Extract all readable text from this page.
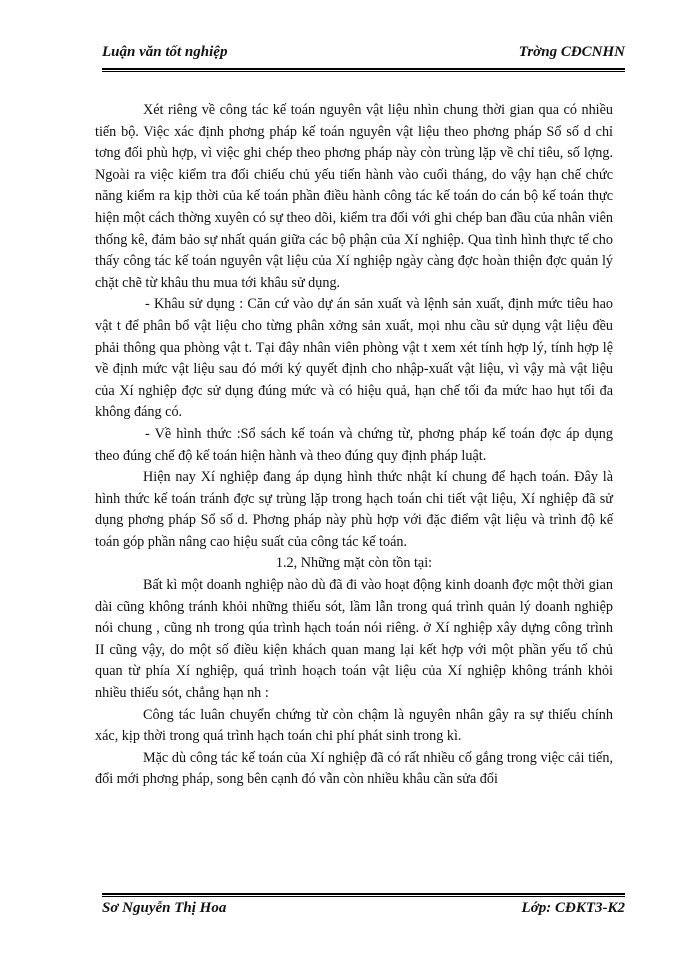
Luận văn tốt nghiệp	Trờng CĐCNHN

Xét riêng về công tác kế toán nguyên vật liệu nhìn chung thời gian qua có nhiều tiến bộ. Việc xác định phơng pháp kế toán nguyên vật liệu theo phơng pháp Sổ số d chỉ tơng đối phù hợp, vì việc ghi chép theo phơng pháp này còn trùng lặp về chỉ tiêu, số lợng. Ngoài ra việc kiểm tra đối chiếu chủ yếu tiến hành vào cuối tháng, do vậy hạn chế chức năng kiểm ra kịp thời của kế toán phần điều hành công tác kế toán do cán bộ kế toán thực hiện một cách thờng xuyên có sự theo dõi, kiểm tra đối với ghi chép ban đầu của nhân viên thống kê, đảm bảo sự nhất quán giữa các bộ phận của Xí nghiệp. Qua tình hình thực tế cho thấy công tác kế toán nguyên vật liệu của Xí nghiệp ngày càng đợc hoàn thiện đợc quản lý chặt chẽ từ khâu thu mua tới khâu sử dụng.

- Khâu sử dụng : Căn cứ vào dự án sản xuất và lệnh sản xuất, định mức tiêu hao vật t để phân bổ vật liệu cho từng phân xởng sản xuất, mọi nhu cầu sử dụng vật liệu đều phải thông qua phòng vật t. Tại đây nhân viên phòng vật t xem xét tính hợp lý, tính hợp lệ về định mức vật liệu sau đó mới ký quyết định cho nhập-xuất vật liệu, vì vậy mà vật liệu của Xí nghiệp đợc sử dụng đúng mức và có hiệu quả, hạn chế tối đa mức hao hụt tối đa không đáng có.

- Về hình thức :Sổ sách kế toán và chứng từ, phơng pháp kế toán đợc áp dụng theo đúng chế độ kế toán hiện hành và theo đúng quy định pháp luật.

Hiện nay Xí nghiệp đang áp dụng hình thức nhật kí chung để hạch toán. Đây là hình thức kế toán tránh đợc sự trùng lặp trong hạch toán chi tiết vật liệu, Xí nghiệp đã sử dụng phơng pháp Sổ số d. Phơng pháp này phù hợp với đặc điểm vật liệu và trình độ kế toán góp phần nâng cao hiệu suất của công tác kế toán.

1.2, Những mặt còn tồn tại:

Bất kì một doanh nghiệp nào dù đã đi vào hoạt động kinh doanh đợc một thời gian dài cũng không tránh khỏi những thiếu sót, lầm lẫn trong quá trình quản lý doanh nghiệp nói chung , cũng nh trong qúa trình hạch toán nói riêng. ở Xí nghiệp xây dựng công trình II cũng vậy, do một số điều kiện khách quan mang lại kết hợp với một phần yếu tố chủ quan từ phía Xí nghiệp, quá trình hoạch toán vật liệu của Xí nghiệp không tránh khỏi nhiều thiếu sót, chẳng hạn nh :

Công tác luân chuyển chứng từ còn chậm là nguyên nhân gây ra sự thiếu chính xác, kịp thời trong quá trình hạch toán chi phí phát sinh trong kì.

Mặc dù công tác kế toán của Xí nghiệp đã có rất nhiều cố gắng trong việc cải tiến, đổi mới phơng pháp, song bên cạnh đó vẫn còn nhiều khâu cần sửa đổi

Sơ Nguyễn Thị Hoa	Lớp: CĐKT3-K2
